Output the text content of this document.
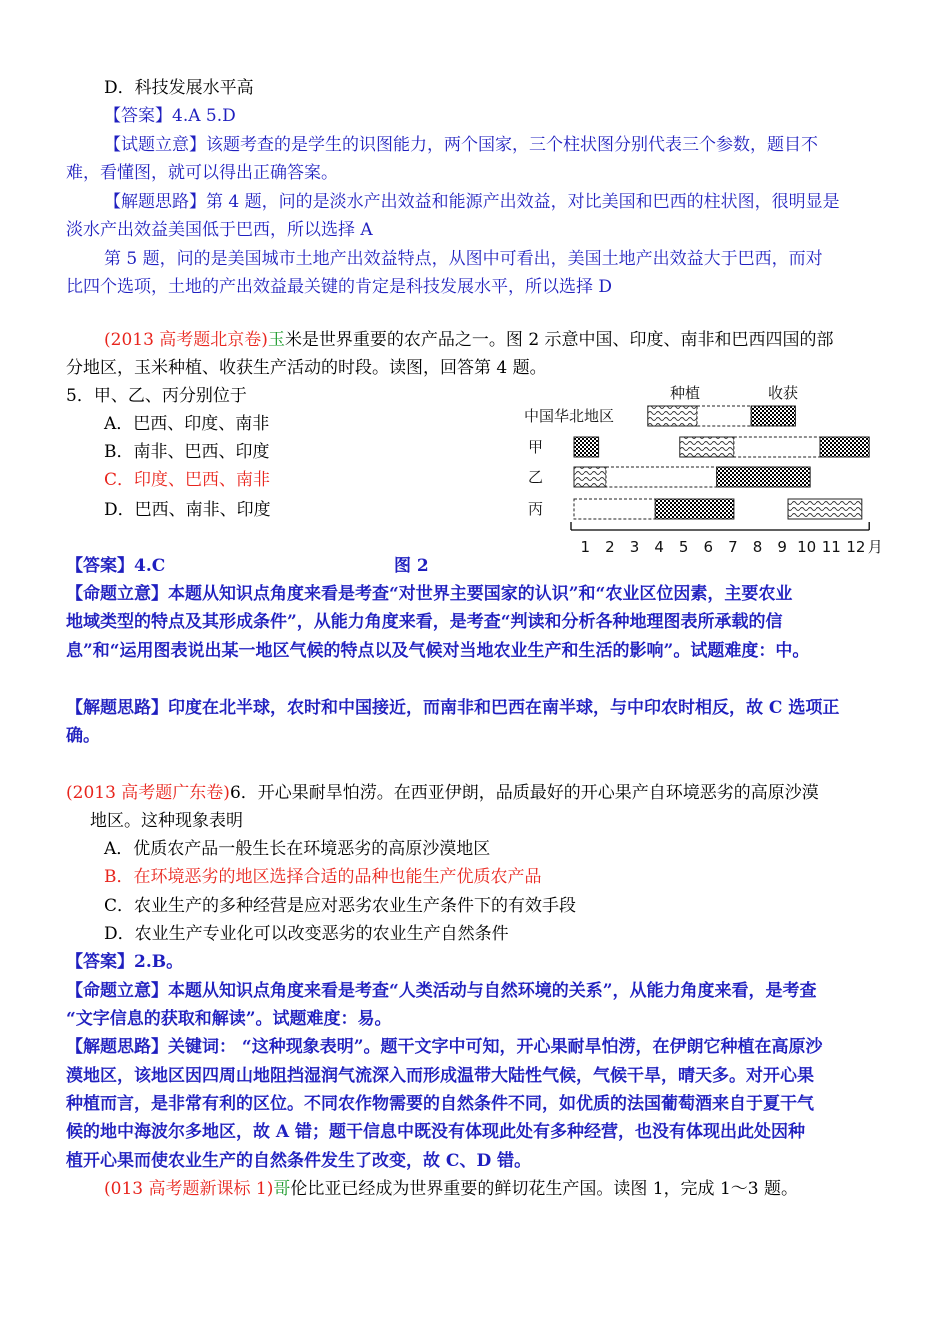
D．科技发展水平高
【答案】4.A 5.D
【试题立意】该题考查的是学生的识图能力，两个国家，三个柱状图分别代表三个参数，题目不
难，看懂图，就可以得出正确答案。
【解题思路】第 4 题，问的是淡水产出效益和能源产出效益，对比美国和巴西的柱状图，很明显是
淡水产出效益美国低于巴西，所以选择 A
第 5 题，问的是美国城市土地产出效益特点，从图中可看出，美国土地产出效益大于巴西，而对
比四个选项，土地的产出效益最关键的肯定是科技发展水平，所以选择 D
(2013 高考题北京卷)玉米是世界重要的农产品之一。图 2 示意中国、印度、南非和巴西四国的部
分地区，玉米种植、收获生产活动的时段。读图，回答第 4 题。
5．甲、乙、丙分别位于
A．巴西、印度、南非
B．南非、巴西、印度
C．印度、巴西、南非
D．巴西、南非、印度
种植	收获
中国华北地区
甲
乙
丙
1 2 3 4 5 6 7 8 9 10 11 12 月
【答案】4.C	图 2
【命题立意】本题从知识点角度来看是考查“对世界主要国家的认识”和“农业区位因素，主要农业
地域类型的特点及其形成条件”，从能力角度来看，是考查“判读和分析各种地理图表所承载的信
息”和“运用图表说出某一地区气候的特点以及气候对当地农业生产和生活的影响”。试题难度：中。
【解题思路】印度在北半球，农时和中国接近，而南非和巴西在南半球，与中印农时相反，故 C 选项正
确。
(2013 高考题广东卷)6．开心果耐旱怕涝。在西亚伊朗，品质最好的开心果产自环境恶劣的高原沙漠
地区。这种现象表明
A．优质农产品一般生长在环境恶劣的高原沙漠地区
B．在环境恶劣的地区选择合适的品种也能生产优质农产品
C．农业生产的多种经营是应对恶劣农业生产条件下的有效手段
D．农业生产专业化可以改变恶劣的农业生产自然条件
【答案】2.B。
【命题立意】本题从知识点角度来看是考查“人类活动与自然环境的关系”，从能力角度来看，是考查
“文字信息的获取和解读”。试题难度：易。
【解题思路】关键词： “这种现象表明”。题干文字中可知，开心果耐旱怕涝，在伊朗它种植在高原沙
漠地区，该地区因四周山地阻挡湿润气流深入而形成温带大陆性气候，气候干旱，晴天多。对开心果
种植而言，是非常有利的区位。不同农作物需要的自然条件不同，如优质的法国葡萄酒来自于夏干气
候的地中海波尔多地区，故 A 错；题干信息中既没有体现此处有多种经营，也没有体现出此处因种
植开心果而使农业生产的自然条件发生了改变，故 C、D 错。
(013 高考题新课标 1)哥伦比亚已经成为世界重要的鲜切花生产国。读图 1，完成 1～3 题。
